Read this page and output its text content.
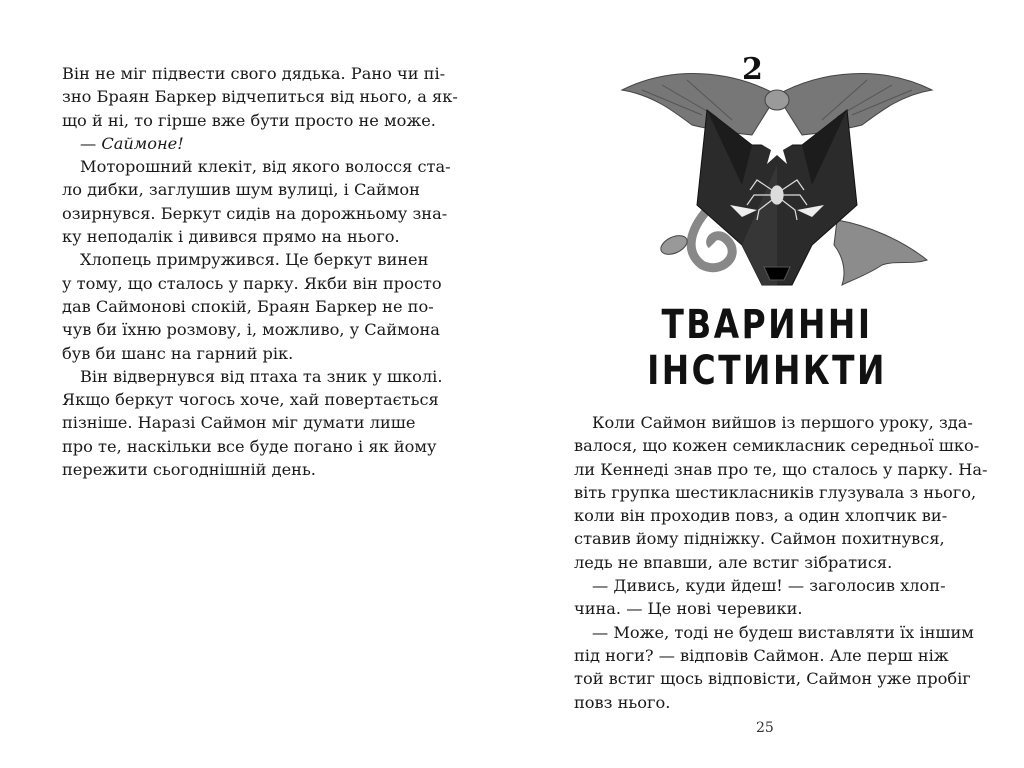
Він не міг підвести свого дядька. Рано чи пі-
зно Браян Баркер відчепиться від нього, а як-
що й ні, то гірше вже бути просто не може.
— Саймоне!
Моторошний клекіт, від якого волосся ста-
ло дибки, заглушив шум вулиці, і Саймон
озирнувся. Беркут сидів на дорожньому зна-
ку неподалік і дивився прямо на нього.
Хлопець примружився. Це беркут винен
у тому, що сталось у парку. Якби він просто
дав Саймонові спокій, Браян Баркер не по-
чув би їхню розмову, і, можливо, у Саймона
був би шанс на гарний рік.
Він відвернувся від птаха та зник у школі.
Якщо беркут чогось хоче, хай повертається
пізніше. Наразі Саймон міг думати лише
про те, наскільки все буде погано і як йому
пережити сьогоднішній день.
2
ТВАРИННІ
ІНСТИНКТИ
Коли Саймон вийшов із першого уроку, зда-
валося, що кожен семикласник середньої шко-
ли Кеннеді знав про те, що сталось у парку. На-
віть групка шестикласників глузувала з нього,
коли він проходив повз, а один хлопчик ви-
ставив йому підніжку. Саймон похитнувся,
ледь не впавши, але встиг зібратися.
— Дивись, куди йдеш! — заголосив хлоп-
чина. — Це нові черевики.
— Може, тоді не будеш виставляти їх іншим
під ноги? — відповів Саймон. Але перш ніж
той встиг щось відповісти, Саймон уже пробіг
повз нього.
25
